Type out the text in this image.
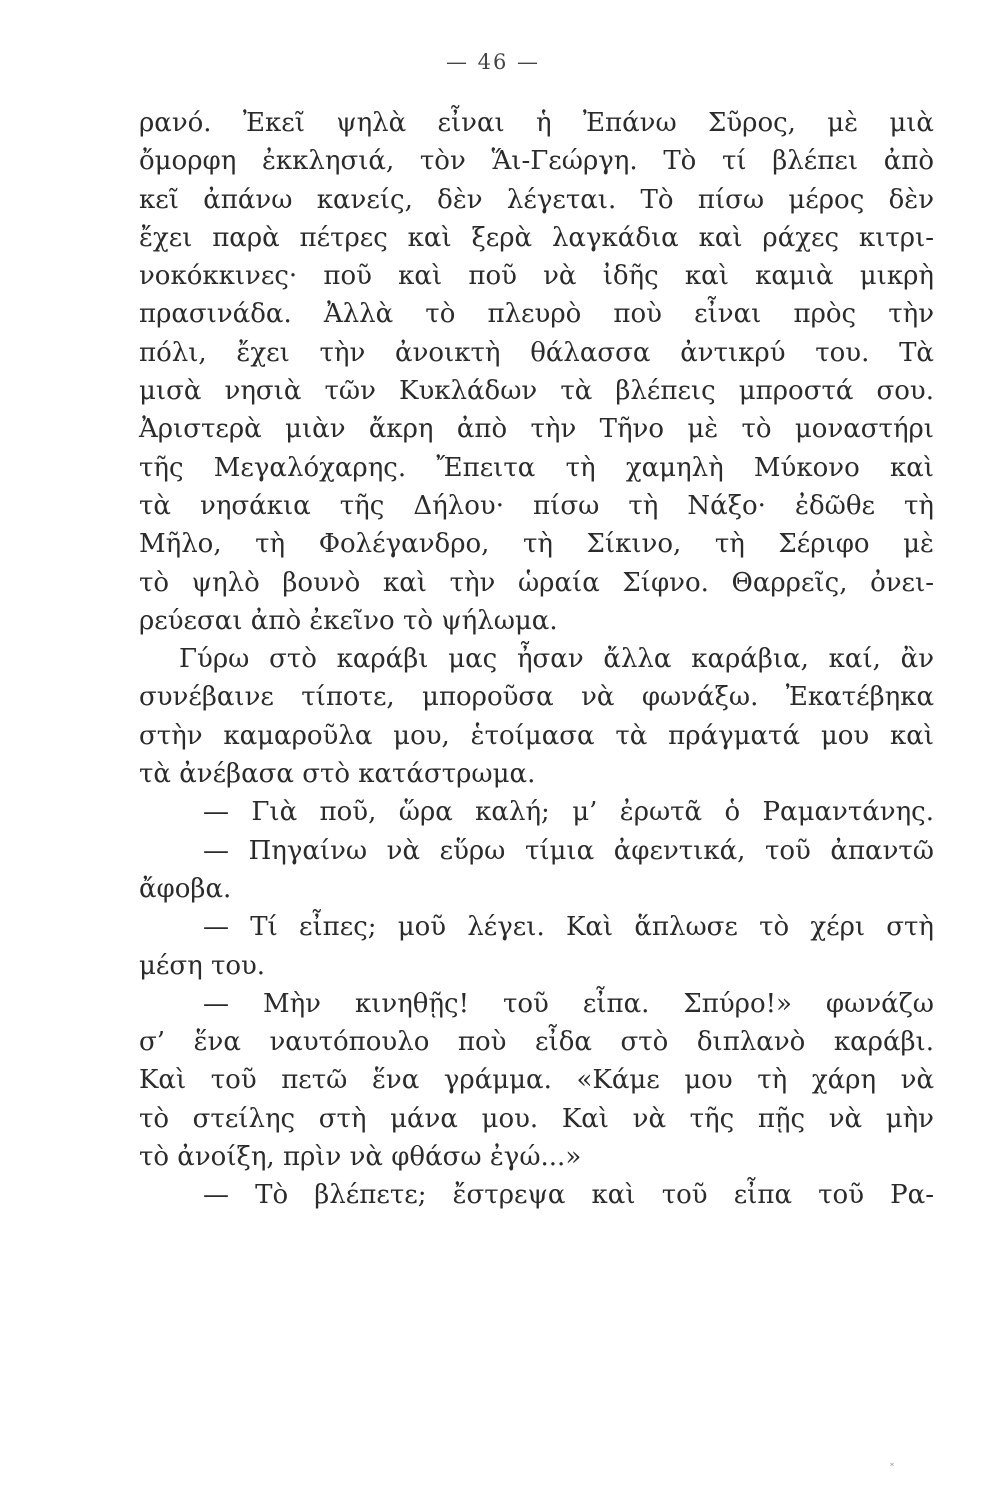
— 46 —
ρανό. Ἐκεῖ ψηλὰ εἶναι ἡ Ἐπάνω Σῦρος, μὲ μιὰ
ὄμορφη ἐκκλησιά, τὸν Ἅι-Γεώργη. Τὸ τί βλέπει ἀπὸ
κεῖ ἀπάνω κανείς, δὲν λέγεται. Τὸ πίσω μέρος δὲν
ἔχει παρὰ πέτρες καὶ ξερὰ λαγκάδια καὶ ράχες κιτρι-
νοκόκκινες· ποῦ καὶ ποῦ νὰ ἰδῆς καὶ καμιὰ μικρὴ
πρασινάδα. Ἀλλὰ τὸ πλευρὸ ποὺ εἶναι πρὸς τὴν
πόλι, ἔχει τὴν ἀνοικτὴ θάλασσα ἀντικρύ του. Τὰ
μισὰ νησιὰ τῶν Κυκλάδων τὰ βλέπεις μπροστά σου.
Ἀριστερὰ μιὰν ἄκρη ἀπὸ τὴν Τῆνο μὲ τὸ μοναστήρι
τῆς Μεγαλόχαρης. Ἔπειτα τὴ χαμηλὴ Μύκονο καὶ
τὰ νησάκια τῆς Δήλου· πίσω τὴ Νάξο· ἐδῶθε τὴ
Μῆλο, τὴ Φολέγανδρο, τὴ Σίκινο, τὴ Σέριφο μὲ
τὸ ψηλὸ βουνὸ καὶ τὴν ὡραία Σίφνο. Θαρρεῖς, ὀνει-
ρεύεσαι ἀπὸ ἐκεῖνο τὸ ψήλωμα.
Γύρω στὸ καράβι μας ἦσαν ἄλλα καράβια, καί, ἂν
συνέβαινε τίποτε, μποροῦσα νὰ φωνάξω. Ἐκατέβηκα
στὴν καμαροῦλα μου, ἑτοίμασα τὰ πράγματά μου καὶ
τὰ ἀνέβασα στὸ κατάστρωμα.
— Γιὰ ποῦ, ὥρα καλή; μ’ ἐρωτᾶ ὁ Ραμαντάνης.
— Πηγαίνω νὰ εὕρω τίμια ἀφεντικά, τοῦ ἀπαντῶ
ἄφοβα.
— Τί εἶπες; μοῦ λέγει. Καὶ ἅπλωσε τὸ χέρι στὴ
μέση του.
— Μὴν κινηθῇς! τοῦ εἶπα. Σπύρο!» φωνάζω
σ’ ἕνα ναυτόπουλο ποὺ εἶδα στὸ διπλανὸ καράβι.
Καὶ τοῦ πετῶ ἕνα γράμμα. «Κάμε μου τὴ χάρη νὰ
τὸ στείλης στὴ μάνα μου. Καὶ νὰ τῆς πῇς νὰ μὴν
τὸ ἀνοίξη, πρὶν νὰ φθάσω ἐγώ...»
— Τὸ βλέπετε; ἔστρεψα καὶ τοῦ εἶπα τοῦ Ρα-
*
